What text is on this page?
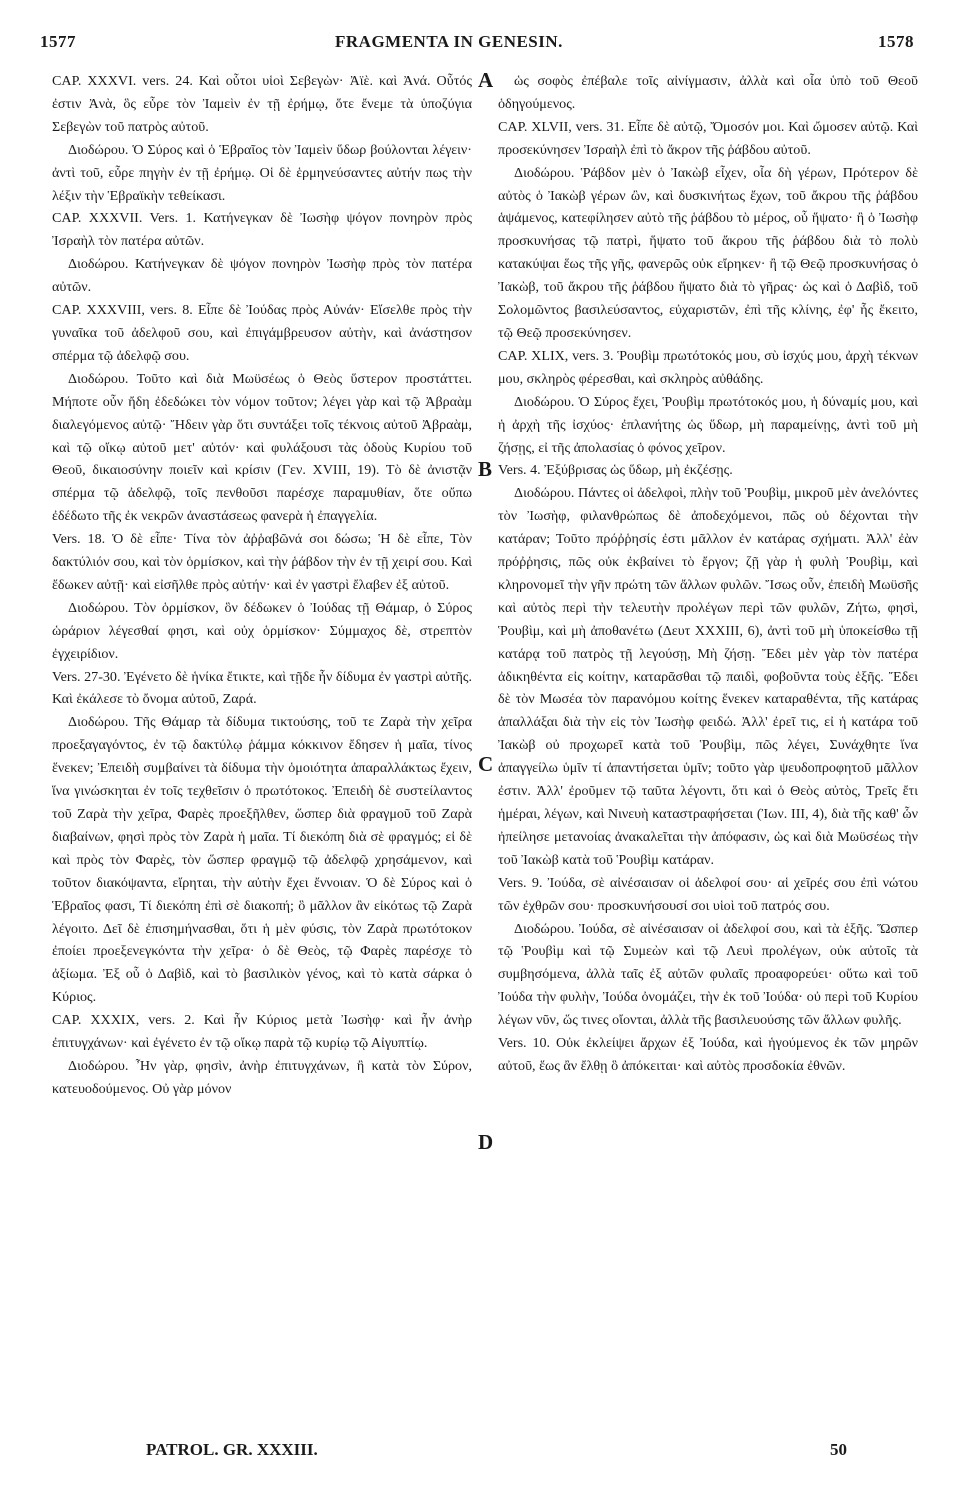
1577	FRAGMENTA IN GENESIN.	1578

CAP. XXXVI. vers. 24. Καὶ οὗτοι υἱοὶ Σεβεγὼν· Ἀϊὲ. καὶ Ἀνά. Οὗτός ἐστιν Ἀνὰ, ὃς εὗρε τὸν Ἰαμεὶν ἐν τῇ ἐρήμῳ, ὅτε ἔνεμε τὰ ὑποζύγια Σεβεγὼν τοῦ πατρὸς αὐτοῦ.

Διοδώρου. Ὁ Σύρος καὶ ὁ Ἑβραῖος τὸν Ἰαμεὶν ὕδωρ βούλονται λέγειν· ἀντὶ τοῦ, εὗρε πηγὴν ἐν τῇ ἐρήμῳ. Οἱ δὲ ἑρμηνεύσαντες αὐτήν πως τὴν λέξιν τὴν Ἑβραϊκὴν τεθείκασι.

CAP. XXXVII. Vers. 1. Κατήνεγκαν δὲ Ἰωσὴφ ψόγον πονηρὸν πρὸς Ἰσραὴλ τὸν πατέρα αὐτῶν.

Διοδώρου. Κατήνεγκαν δὲ ψόγον πονηρὸν Ἰωσὴφ πρὸς τὸν πατέρα αὐτῶν.

CAP. XXXVIII, vers. 8. Εἶπε δὲ Ἰούδας πρὸς Αὐνάν· Εἴσελθε πρὸς τὴν γυναῖκα τοῦ ἀδελφοῦ σου, καὶ ἐπιγάμβρευσον αὐτὴν, καὶ ἀνάστησον σπέρμα τῷ ἀδελφῷ σου.

Διοδώρου. Τοῦτο καὶ διὰ Μωϋσέως ὁ Θεὸς ὕστερον προστάττει. Μήποτε οὖν ἤδη ἐδεδώκει τὸν νόμον τοῦτον; λέγει γὰρ καὶ τῷ Ἀβραὰμ διαλεγόμενος αὐτῷ· Ἤδειν γὰρ ὅτι συντάξει τοῖς τέκνοις αὐτοῦ Ἀβραὰμ, καὶ τῷ οἴκῳ αὐτοῦ μετ' αὐτόν· καὶ φυλάξουσι τὰς ὁδοὺς Κυρίου τοῦ Θεοῦ, δικαιοσύνην ποιεῖν καὶ κρίσιν (Γεν. XVIII, 19). Τὸ δὲ ἀνιστᾷν σπέρμα τῷ ἀδελφῷ, τοῖς πενθοῦσι παρέσχε παραμυθίαν, ὅτε οὔπω ἐδέδωτο τῆς ἐκ νεκρῶν ἀναστάσεως φανερὰ ἡ ἐπαγγελία.

Vers. 18. Ὁ δὲ εἶπε· Τίνα τὸν ἀῤῥαβῶνά σοι δώσω; Ἡ δὲ εἶπε, Τὸν δακτύλιόν σου, καὶ τὸν ὁρμίσκον, καὶ τὴν ῥάβδον τὴν ἐν τῇ χειρί σου. Καὶ ἔδωκεν αὐτῇ· καὶ εἰσῆλθε πρὸς αὐτήν· καὶ ἐν γαστρὶ ἔλαβεν ἐξ αὐτοῦ.

Διοδώρου. Τὸν ὁρμίσκον, ὃν δέδωκεν ὁ Ἰούδας τῇ Θάμαρ, ὁ Σύρος ὡράριον λέγεσθαί φησι, καὶ οὐχ ὁρμίσκον· Σύμμαχος δὲ, στρεπτὸν ἐγχειρίδιον.

Vers. 27-30. Ἐγένετο δὲ ἡνίκα ἔτικτε, καὶ τῇδε ἦν δίδυμα ἐν γαστρὶ αὐτῆς. Καὶ ἐκάλεσε τὸ ὄνομα αὐτοῦ, Ζαρά.

Διοδώρου. Τῆς Θάμαρ τὰ δίδυμα τικτούσης, τοῦ τε Ζαρὰ τὴν χεῖρα προεξαγαγόντος, ἐν τῷ δακτύλῳ ῥάμμα κόκκινον ἔδησεν ἡ μαῖα, τίνος ἕνεκεν; Ἐπειδὴ συμβαίνει τὰ δίδυμα τὴν ὁμοιότητα ἀπαραλλάκτως ἔχειν, ἵνα γινώσκηται ἐν τοῖς τεχθεῖσιν ὁ πρωτότοκος. Ἐπειδὴ δὲ συστείλαντος τοῦ Ζαρὰ τὴν χεῖρα, Φαρὲς προεξῆλθεν, ὥσπερ διὰ φραγμοῦ τοῦ Ζαρὰ διαβαίνων, φησὶ πρὸς τὸν Ζαρὰ ἡ μαῖα. Τί διεκόπη διὰ σὲ φραγμός; εἰ δὲ καὶ πρὸς τὸν Φαρὲς, τὸν ὥσπερ φραγμῷ τῷ ἀδελφῷ χρησάμενον, καὶ τοῦτον διακόψαντα, εἴρηται, τὴν αὐτὴν ἔχει ἔννοιαν. Ὁ δὲ Σύρος καὶ ὁ Ἑβραῖος φασι, Τί διεκόπη ἐπὶ σὲ διακοπή; ὃ μᾶλλον ἂν εἰκότως τῷ Ζαρὰ λέγοιτο. Δεῖ δὲ ἐπισημήνασθαι, ὅτι ἡ μὲν φύσις, τὸν Ζαρὰ πρωτότοκον ἐποίει προεξενεγκόντα τὴν χεῖρα· ὁ δὲ Θεὸς, τῷ Φαρὲς παρέσχε τὸ ἀξίωμα. Ἐξ οὗ ὁ Δαβὶδ, καὶ τὸ βασιλικὸν γένος, καὶ τὸ κατὰ σάρκα ὁ Κύριος.

CAP. XXXIX, vers. 2. Καὶ ἦν Κύριος μετὰ Ἰωσὴφ· καὶ ἦν ἀνὴρ ἐπιτυγχάνων· καὶ ἐγένετο ἐν τῷ οἴκῳ παρὰ τῷ κυρίῳ τῷ Αἰγυπτίῳ.

Διοδώρου. Ἦν γὰρ, φησὶν, ἀνὴρ ἐπιτυγχάνων, ἢ κατὰ τὸν Σύρον, κατευοδούμενος. Οὐ γὰρ μόνον

ὡς σοφὸς ἐπέβαλε τοῖς αἰνίγμασιν, ἀλλὰ καὶ οἷα ὑπὸ τοῦ Θεοῦ ὁδηγούμενος.

CAP. XLVII, vers. 31. Εἶπε δὲ αὐτῷ, Ὄμοσόν μοι. Καὶ ὤμοσεν αὐτῷ. Καὶ προσεκύνησεν Ἰσραὴλ ἐπὶ τὸ ἄκρον τῆς ῥάβδου αὐτοῦ.

Διοδώρου. Ῥάβδον μὲν ὁ Ἰακὼβ εἶχεν, οἷα δὴ γέρων, Πρότερον δὲ αὐτὸς ὁ Ἰακὼβ γέρων ὢν, καὶ δυσκινήτως ἔχων, τοῦ ἄκρου τῆς ῥάβδου ἁψάμενος, κατεφίλησεν αὐτὸ τῆς ῥάβδου τὸ μέρος, οὗ ἥψατο· ἢ ὁ Ἰωσὴφ προσκυνήσας τῷ πατρὶ, ἥψατο τοῦ ἄκρου τῆς ῥάβδου διὰ τὸ πολὺ κατακύψαι ἕως τῆς γῆς, φανερῶς οὐκ εἴρηκεν· ἢ τῷ Θεῷ προσκυνήσας ὁ Ἰακὼβ, τοῦ ἄκρου τῆς ῥάβδου ἥψατο διὰ τὸ γῆρας· ὡς καὶ ὁ Δαβὶδ, τοῦ Σολομῶντος βασιλεύσαντος, εὐχαριστῶν, ἐπὶ τῆς κλίνης, ἐφ' ἧς ἔκειτο, τῷ Θεῷ προσεκύνησεν.

CAP. XLIX, vers. 3. Ῥουβὶμ πρωτότοκός μου, σὺ ἰσχύς μου, ἀρχὴ τέκνων μου, σκληρὸς φέρεσθαι, καὶ σκληρὸς αὐθάδης.

Διοδώρου. Ὁ Σύρος ἔχει, Ῥουβὶμ πρωτότοκός μου, ἡ δύναμίς μου, καὶ ἡ ἀρχὴ τῆς ἰσχύος· ἐπλανήτης ὡς ὕδωρ, μὴ παραμείνῃς, ἀντὶ τοῦ μὴ ζήσῃς, εἰ τῆς ἀπολασίας ὁ φόνος χεῖρον.

Vers. 4. Ἐξύβρισας ὡς ὕδωρ, μὴ ἐκζέσῃς.

Διοδώρου. Πάντες οἱ ἀδελφοὶ, πλὴν τοῦ Ῥουβὶμ, μικροῦ μὲν ἀνελόντες τὸν Ἰωσὴφ, φιλανθρώπως δὲ ἀποδεχόμενοι, πῶς οὐ δέχονται τὴν κατάραν; Τοῦτο πρόῤῥησίς ἐστι μᾶλλον ἐν κατάρας σχήματι. Ἀλλ' ἐὰν πρόῤῥησις, πῶς οὐκ ἐκβαίνει τὸ ἔργον; ζῇ γὰρ ἡ φυλὴ Ῥουβὶμ, καὶ κληρονομεῖ τὴν γῆν πρώτη τῶν ἄλλων φυλῶν. Ἴσως οὖν, ἐπειδὴ Μωϋσῆς καὶ αὐτὸς περὶ τὴν τελευτὴν προλέγων περὶ τῶν φυλῶν, Ζήτω, φησὶ, Ῥουβὶμ, καὶ μὴ ἀποθανέτω (Δευτ XXXIII, 6), ἀντὶ τοῦ μὴ ὑποκείσθω τῇ κατάρᾳ τοῦ πατρὸς τῇ λεγούσῃ, Μὴ ζήσῃ. Ἔδει μὲν γὰρ τὸν πατέρα ἀδικηθέντα εἰς κοίτην, καταρᾶσθαι τῷ παιδὶ, φοβοῦντα τοὺς ἑξῆς. Ἔδει δὲ τὸν Μωσέα τὸν παρανόμου κοίτης ἕνεκεν καταραθέντα, τῆς κατάρας ἀπαλλάξαι διὰ τὴν εἰς τὸν Ἰωσὴφ φειδώ. Ἀλλ' ἐρεῖ τις, εἰ ἡ κατάρα τοῦ Ἰακὼβ οὐ προχωρεῖ κατὰ τοῦ Ῥουβὶμ, πῶς λέγει, Συνάχθητε ἵνα ἀπαγγείλω ὑμῖν τί ἀπαντήσεται ὑμῖν; τοῦτο γὰρ ψευδοπροφητοῦ μᾶλλον ἐστιν. Ἀλλ' ἐροῦμεν τῷ ταῦτα λέγοντι, ὅτι καὶ ὁ Θεὸς αὐτὸς, Τρεῖς ἔτι ἡμέραι, λέγων, καὶ Νινευὴ καταστραφήσεται (Ἰων. III, 4), διὰ τῆς καθ' ὧν ἠπείλησε μετανοίας ἀνακαλεῖται τὴν ἀπόφασιν, ὡς καὶ διὰ Μωϋσέως τὴν τοῦ Ἰακὼβ κατὰ τοῦ Ῥουβὶμ κατάραν.

Vers. 9. Ἰούδα, σὲ αἰνέσαισαν οἱ ἀδελφοί σου· αἱ χεῖρές σου ἐπὶ νώτου τῶν ἐχθρῶν σου· προσκυνήσουσί σοι υἱοὶ τοῦ πατρός σου.

Διοδώρου. Ἰούδα, σὲ αἰνέσαισαν οἱ ἀδελφοί σου, καὶ τὰ ἑξῆς. Ὥσπερ τῷ Ῥουβὶμ καὶ τῷ Συμεὼν καὶ τῷ Λευὶ προλέγων, οὐκ αὐτοῖς τὰ συμβησόμενα, ἀλλὰ ταῖς ἐξ αὐτῶν φυλαῖς προαφορεύει· οὕτω καὶ τοῦ Ἰούδα τὴν φυλὴν, Ἰούδα ὀνομάζει, τὴν ἐκ τοῦ Ἰούδα· οὐ περὶ τοῦ Κυρίου λέγων νῦν, ὥς τινες οἴονται, ἀλλὰ τῆς βασιλευούσης τῶν ἄλλων φυλῆς.

Vers. 10. Οὐκ ἐκλείψει ἄρχων ἐξ Ἰούδα, καὶ ἡγούμενος ἐκ τῶν μηρῶν αὐτοῦ, ἕως ἂν ἔλθῃ ὃ ἀπόκειται· καὶ αὐτὸς προσδοκία ἐθνῶν.

A
B
C
D
PATROL. GR. XXXIII.	50
